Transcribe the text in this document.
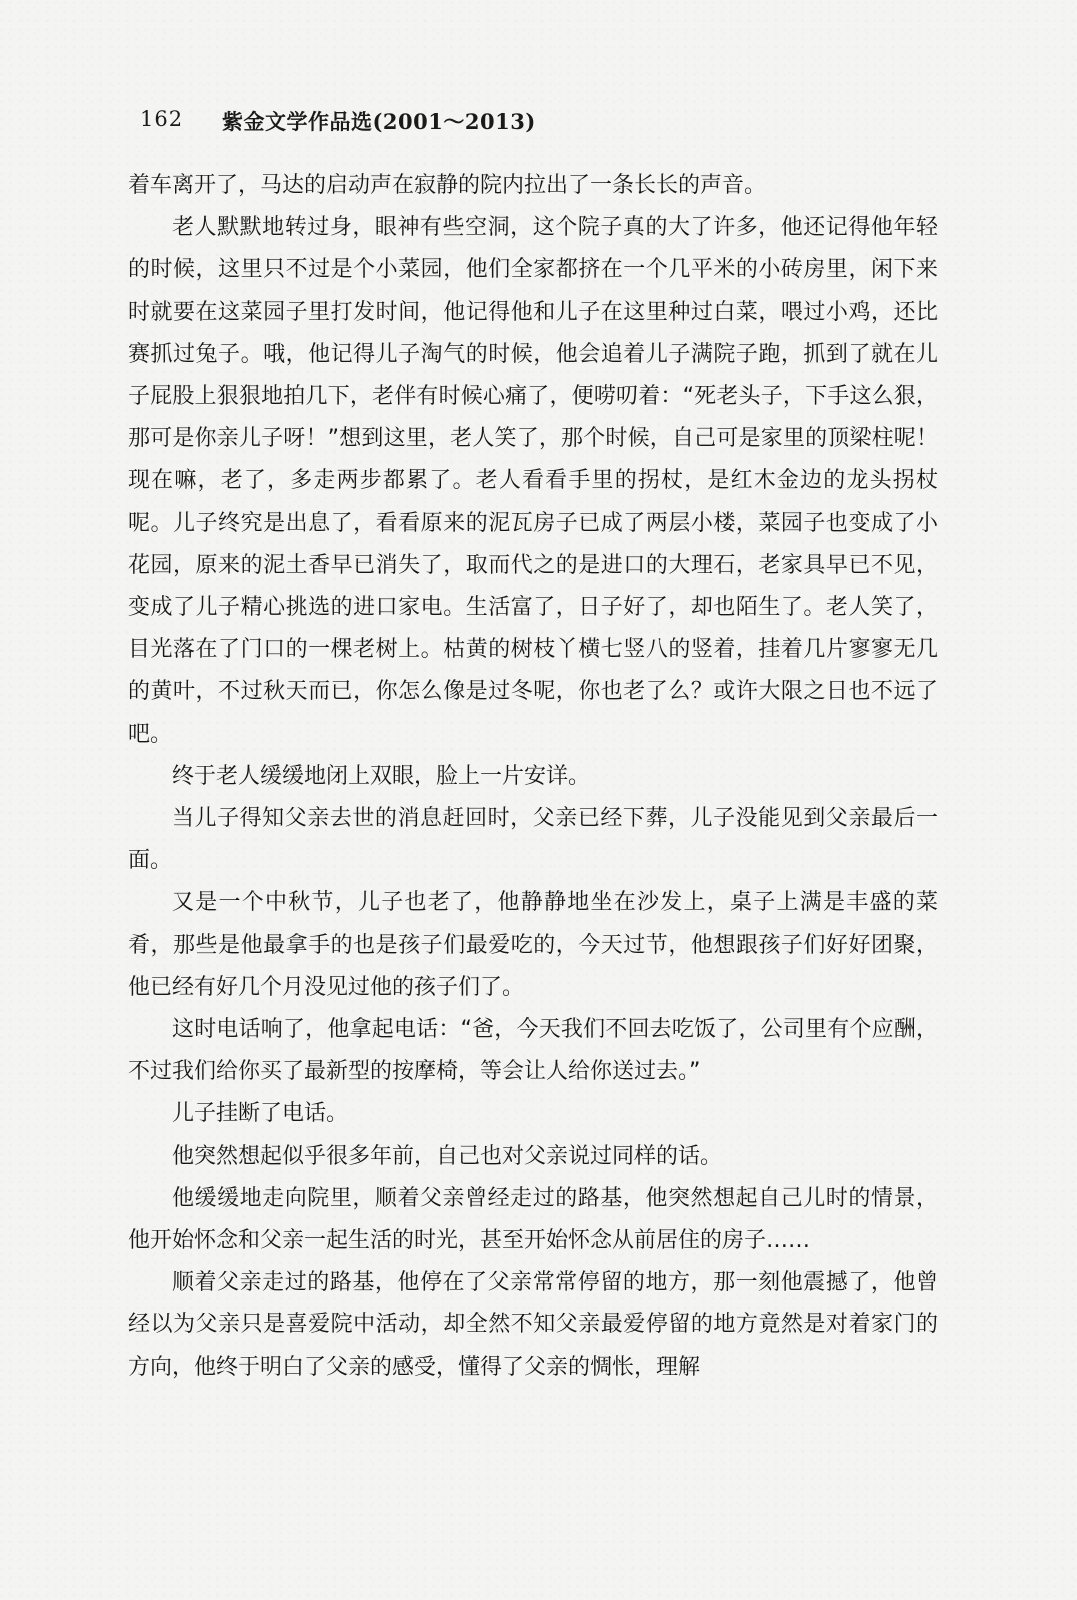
162 紫金文学作品选(2001～2013)

着车离开了，马达的启动声在寂静的院内拉出了一条长长的声音。

老人默默地转过身，眼神有些空洞，这个院子真的大了许多，他还记得他年轻的时候，这里只不过是个小菜园，他们全家都挤在一个几平米的小砖房里，闲下来时就要在这菜园子里打发时间，他记得他和儿子在这里种过白菜，喂过小鸡，还比赛抓过兔子。哦，他记得儿子淘气的时候，他会追着儿子满院子跑，抓到了就在儿子屁股上狠狠地拍几下，老伴有时候心痛了，便唠叨着：“死老头子，下手这么狠，那可是你亲儿子呀！”想到这里，老人笑了，那个时候，自己可是家里的顶梁柱呢！现在嘛，老了，多走两步都累了。老人看看手里的拐杖，是红木金边的龙头拐杖呢。儿子终究是出息了，看看原来的泥瓦房子已成了两层小楼，菜园子也变成了小花园，原来的泥土香早已消失了，取而代之的是进口的大理石，老家具早已不见，变成了儿子精心挑选的进口家电。生活富了，日子好了，却也陌生了。老人笑了，目光落在了门口的一棵老树上。枯黄的树枝丫横七竖八的竖着，挂着几片寥寥无几的黄叶，不过秋天而已，你怎么像是过冬呢，你也老了么？或许大限之日也不远了吧。

终于老人缓缓地闭上双眼，脸上一片安详。

当儿子得知父亲去世的消息赶回时，父亲已经下葬，儿子没能见到父亲最后一面。

又是一个中秋节，儿子也老了，他静静地坐在沙发上，桌子上满是丰盛的菜肴，那些是他最拿手的也是孩子们最爱吃的，今天过节，他想跟孩子们好好团聚，他已经有好几个月没见过他的孩子们了。

这时电话响了，他拿起电话：“爸，今天我们不回去吃饭了，公司里有个应酬，不过我们给你买了最新型的按摩椅，等会让人给你送过去。”

儿子挂断了电话。

他突然想起似乎很多年前，自己也对父亲说过同样的话。

他缓缓地走向院里，顺着父亲曾经走过的路基，他突然想起自己儿时的情景，他开始怀念和父亲一起生活的时光，甚至开始怀念从前居住的房子……

顺着父亲走过的路基，他停在了父亲常常停留的地方，那一刻他震撼了，他曾经以为父亲只是喜爱院中活动，却全然不知父亲最爱停留的地方竟然是对着家门的方向，他终于明白了父亲的感受，懂得了父亲的惆怅，理解
